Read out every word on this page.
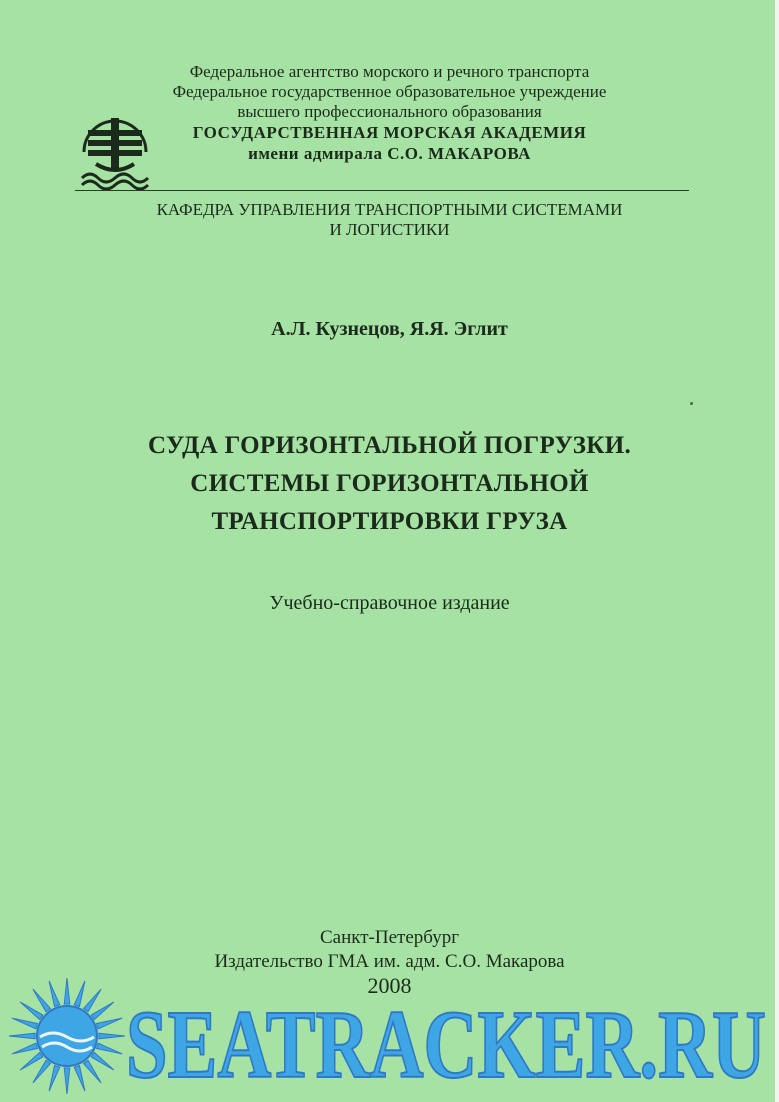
Федеральное агентство морского и речного транспорта

Федеральное государственное образовательное учреждение

высшего профессионального образования

ГОСУДАРСТВЕННАЯ МОРСКАЯ АКАДЕМИЯ

имени адмирала С.О. МАКАРОВА

КАФЕДРА УПРАВЛЕНИЯ ТРАНСПОРТНЫМИ СИСТЕМАМИ
И ЛОГИСТИКИ
А.Л. Кузнецов, Я.Я. Эглит
СУДА ГОРИЗОНТАЛЬНОЙ ПОГРУЗКИ.
СИСТЕМЫ ГОРИЗОНТАЛЬНОЙ
ТРАНСПОРТИРОВКИ ГРУЗА
Учебно-справочное издание
Санкт-Петербург
Издательство ГМА им. адм. С.О. Макарова
2008
SEATRACKER.RU
